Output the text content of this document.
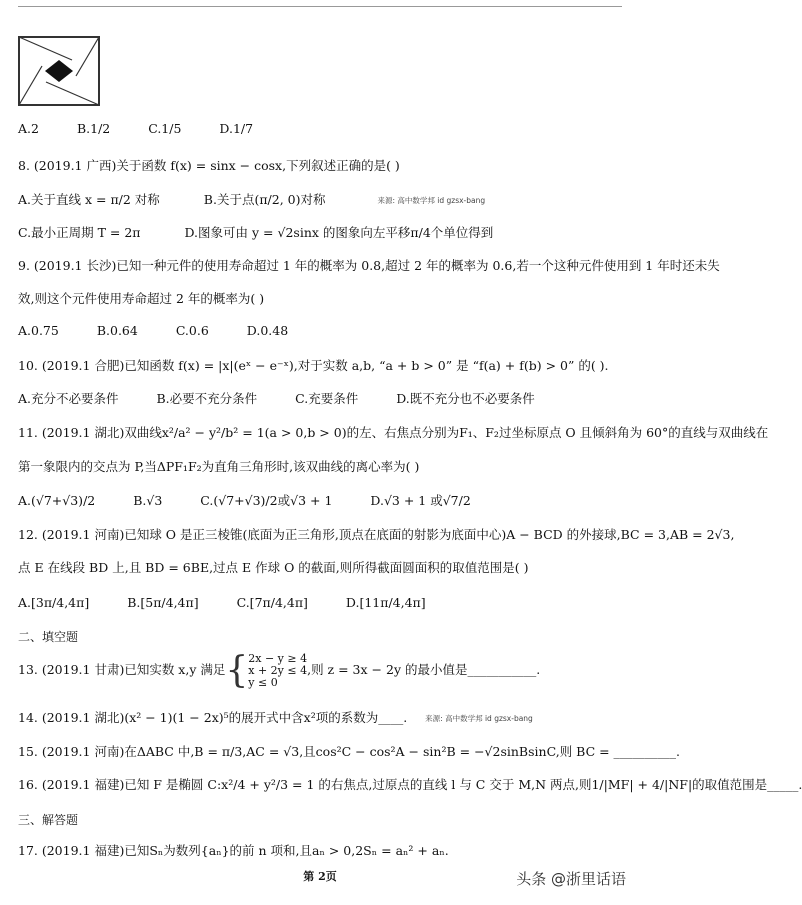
A.2	B.1/2	C.1/5	D.1/7
8. (2019.1 广西)关于函数 f(x) = sinx − cosx,下列叙述正确的是( )
A.关于直线 x = π/2 对称	B.关于点(π/2, 0)对称	来源: 高中数学邦 id gzsx-bang
C.最小正周期 T = 2π	D.图象可由 y = √2sinx 的图象向左平移π/4个单位得到
9. (2019.1 长沙)已知一种元件的使用寿命超过 1 年的概率为 0.8,超过 2 年的概率为 0.6,若一个这种元件使用到 1 年时还未失
效,则这个元件使用寿命超过 2 年的概率为( )
A.0.75	B.0.64	C.0.6	D.0.48
10. (2019.1 合肥)已知函数 f(x) = |x|(eˣ − e⁻ˣ),对于实数 a,b, “a + b > 0” 是 “f(a) + f(b) > 0” 的( ).
A.充分不必要条件	B.必要不充分条件	C.充要条件	D.既不充分也不必要条件
11. (2019.1 湖北)双曲线x²/a² − y²/b² = 1(a > 0,b > 0)的左、右焦点分别为F₁、F₂过坐标原点 O 且倾斜角为 60°的直线与双曲线在
第一象限内的交点为 P,当ΔPF₁F₂为直角三角形时,该双曲线的离心率为( )
A.(√7+√3)/2	B.√3	C.(√7+√3)/2或√3 + 1	D.√3 + 1 或√7/2
12. (2019.1 河南)已知球 O 是正三棱锥(底面为正三角形,顶点在底面的射影为底面中心)A − BCD 的外接球,BC = 3,AB = 2√3,
点 E 在线段 BD 上,且 BD = 6BE,过点 E 作球 O 的截面,则所得截面圆面积的取值范围是( )
A.[3π/4,4π]	B.[5π/4,4π]	C.[7π/4,4π]	D.[11π/4,4π]
二、填空题
13. (2019.1 甘肃)已知实数 x,y 满足{2x − y ≥ 4
x + 2y ≤ 4
y ≤ 0,则 z = 3x − 2y 的最小值是___________.
14. (2019.1 湖北)(x² − 1)(1 − 2x)⁵的展开式中含x²项的系数为____. 来源: 高中数学邦 id gzsx-bang
15. (2019.1 河南)在ΔABC 中,B = π/3,AC = √3,且cos²C − cos²A − sin²B = −√2sinBsinC,则 BC = __________.
16. (2019.1 福建)已知 F 是椭圆 C:x²/4 + y²/3 = 1 的右焦点,过原点的直线 l 与 C 交于 M,N 两点,则1/|MF| + 4/|NF|的取值范围是_____.
三、解答题
17. (2019.1 福建)已知Sₙ为数列{aₙ}的前 n 项和,且aₙ > 0,2Sₙ = aₙ² + aₙ.
第 2页	头条 @浙里话语
